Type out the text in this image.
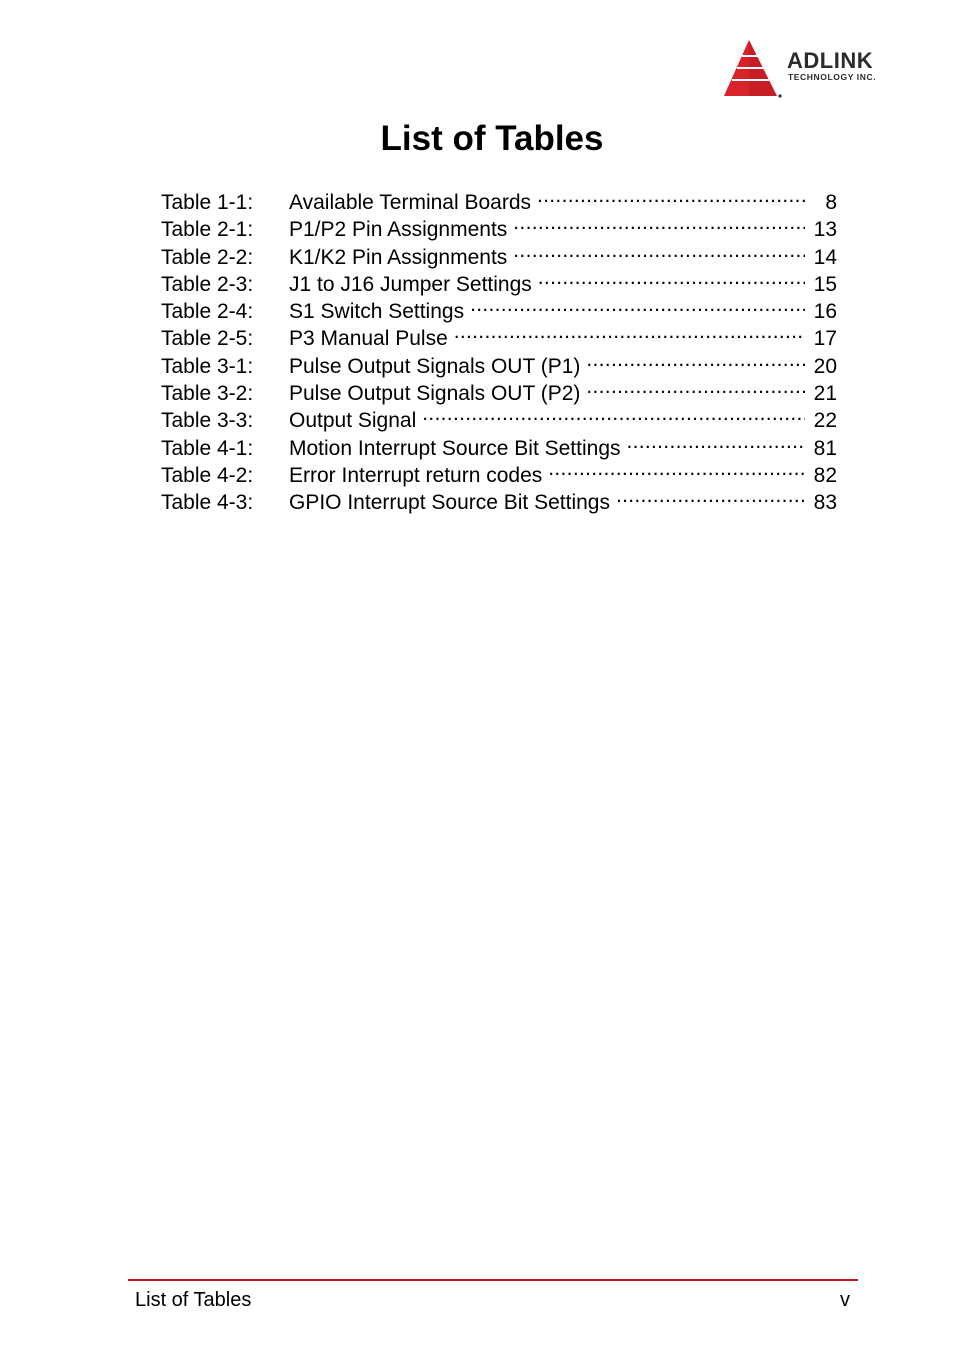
ADLINK
TECHNOLOGY INC.
List of Tables
Table 1-1: Available Terminal Boards .....	8
Table 2-1: P1/P2 Pin Assignments .....	13
Table 2-2: K1/K2 Pin Assignments .....	14
Table 2-3: J1 to J16 Jumper Settings .....	15
Table 2-4: S1 Switch Settings .....	16
Table 2-5: P3 Manual Pulse .....	17
Table 3-1: Pulse Output Signals OUT (P1) .....	20
Table 3-2: Pulse Output Signals OUT (P2) .....	21
Table 3-3: Output Signal .....	22
Table 4-1: Motion Interrupt Source Bit Settings .....	81
Table 4-2: Error Interrupt return codes .....	82
Table 4-3: GPIO Interrupt Source Bit Settings .....	83
List of Tables	v
